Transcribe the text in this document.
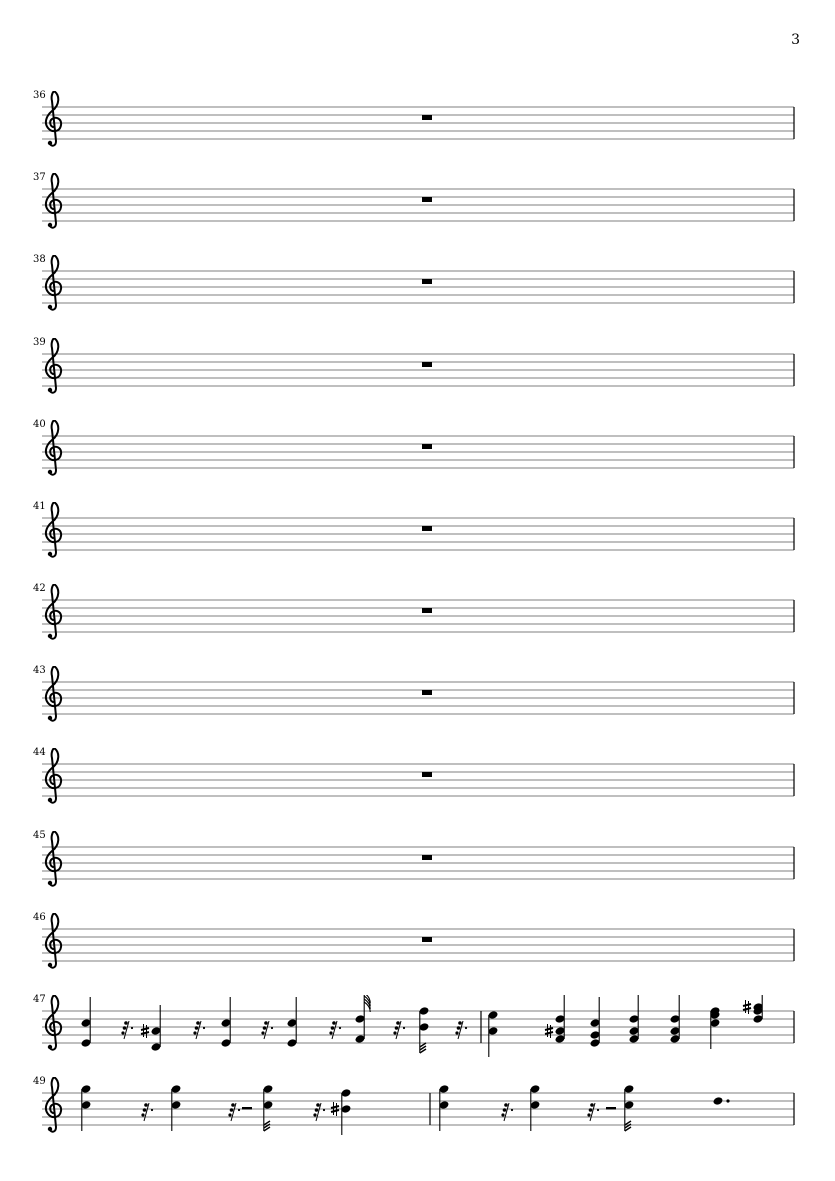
3
36
37
38
39
40
41
42
43
44
45
46
47
49
